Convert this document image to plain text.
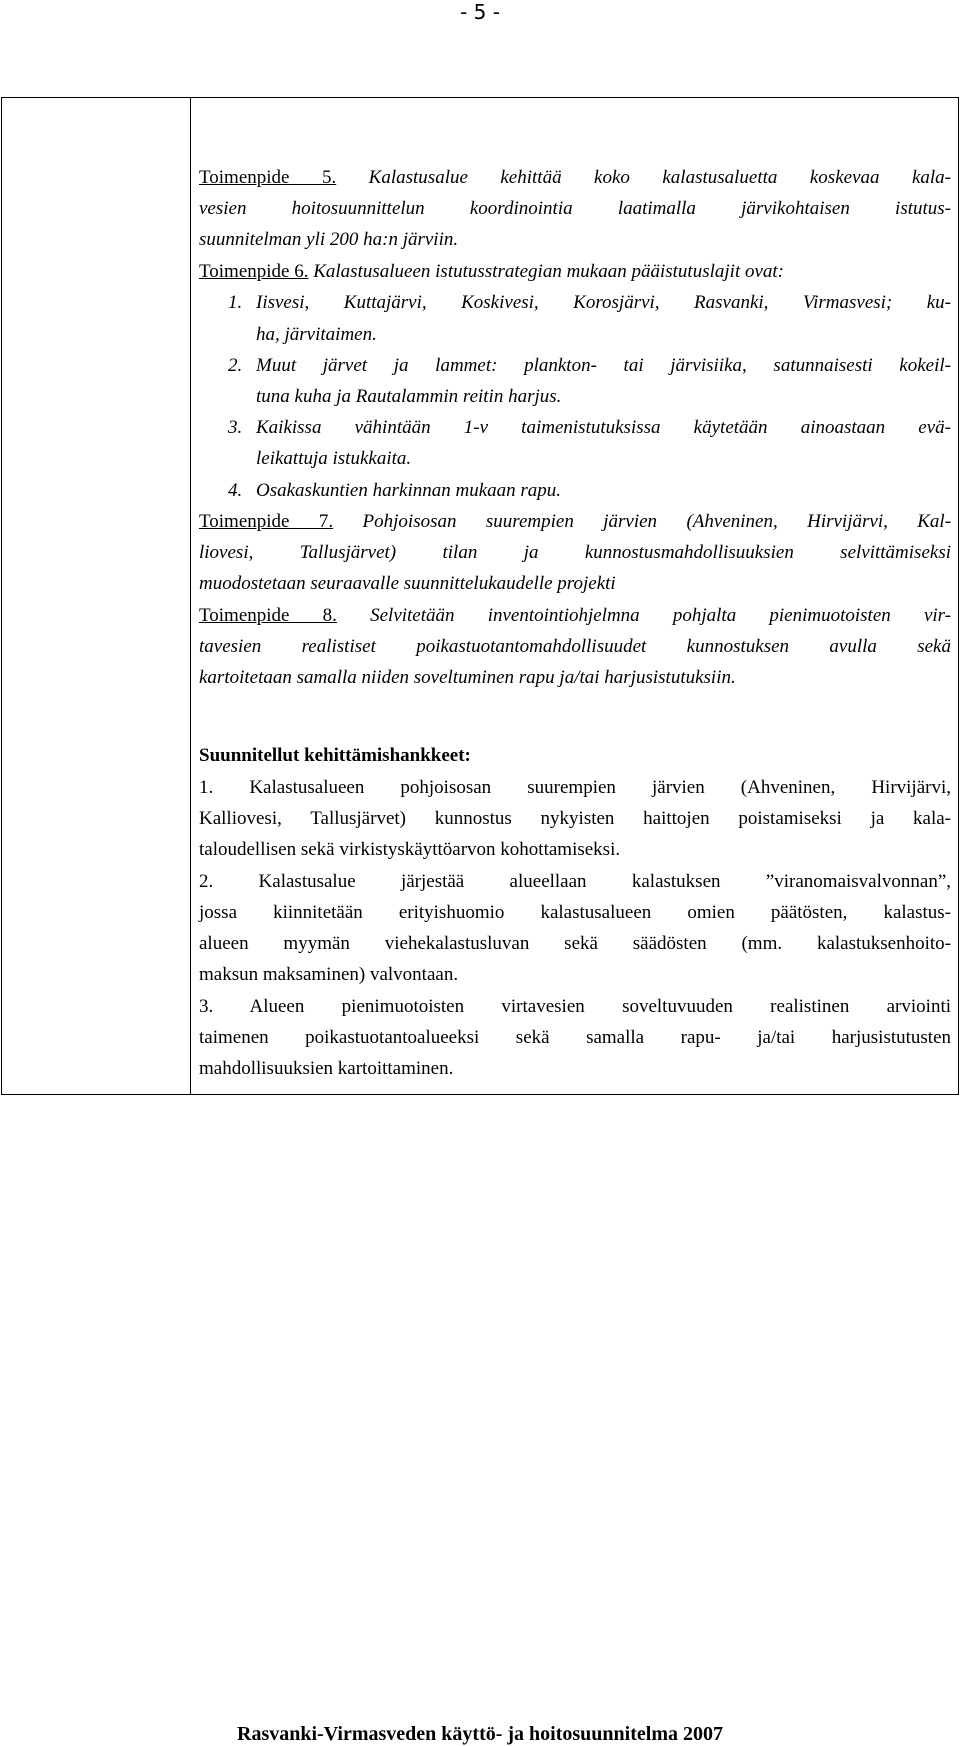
- 5 -
Toimenpide 5. Kalastusalue kehittää koko kalastusaluetta koskevaa kala-
vesien hoitosuunnittelun koordinointia laatimalla järvikohtaisen istutus-
suunnitelman yli 200 ha:n järviin.
Toimenpide 6. Kalastusalueen istutusstrategian mukaan pääistutuslajit ovat:
1. Iisvesi, Kuttajärvi, Koskivesi, Korosjärvi, Rasvanki, Virmasvesi; ku-
ha, järvitaimen.
2. Muut järvet ja lammet: plankton- tai järvisiika, satunnaisesti kokeil-
tuna kuha ja Rautalammin reitin harjus.
3. Kaikissa vähintään 1-v taimenistutuksissa käytetään ainoastaan evä-
leikattuja istukkaita.
4. Osakaskuntien harkinnan mukaan rapu.
Toimenpide 7. Pohjoisosan suurempien järvien (Ahveninen, Hirvijärvi, Kal-
liovesi, Tallusjärvet) tilan ja kunnostusmahdollisuuksien selvittämiseksi
muodostetaan seuraavalle suunnittelukaudelle projekti
Toimenpide 8. Selvitetään inventointiohjelmna pohjalta pienimuotoisten vir-
tavesien realistiset poikastuotantomahdollisuudet kunnostuksen avulla sekä
kartoitetaan samalla niiden soveltuminen rapu ja/tai harjusistutuksiin.
Suunnitellut kehittämishankkeet:
1. Kalastusalueen pohjoisosan suurempien järvien (Ahveninen, Hirvijärvi,
Kalliovesi, Tallusjärvet) kunnostus nykyisten haittojen poistamiseksi ja kala-
taloudellisen sekä virkistyskäyttöarvon kohottamiseksi.
2. Kalastusalue järjestää alueellaan kalastuksen ”viranomaisvalvonnan”,
jossa kiinnitetään erityishuomio kalastusalueen omien päätösten, kalastus-
alueen myymän viehekalastusluvan sekä säädösten (mm. kalastuksenhoito-
maksun maksaminen) valvontaan.
3. Alueen pienimuotoisten virtavesien soveltuvuuden realistinen arviointi
taimenen poikastuotantoalueeksi sekä samalla rapu- ja/tai harjusistutusten
mahdollisuuksien kartoittaminen.
Rasvanki-Virmasveden käyttö- ja hoitosuunnitelma 2007
